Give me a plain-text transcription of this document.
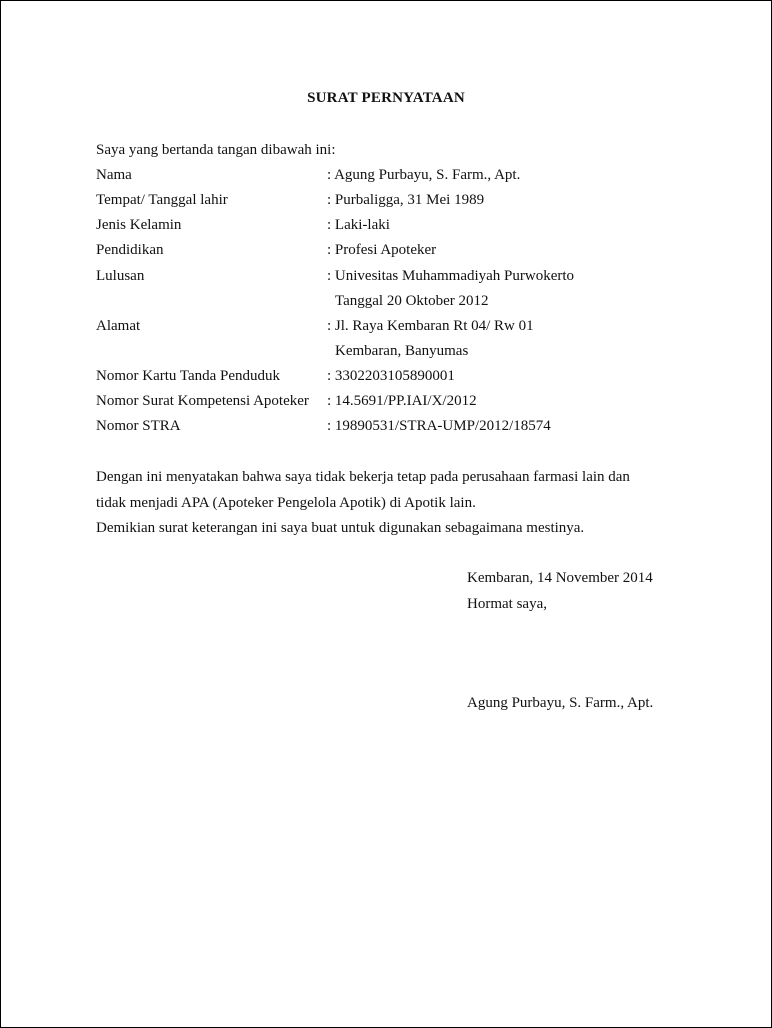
SURAT PERNYATAAN
Saya yang bertanda tangan dibawah ini:
Nama	: Agung Purbayu, S. Farm., Apt.
Tempat/ Tanggal lahir	: Purbaligga, 31 Mei 1989
Jenis Kelamin	: Laki-laki
Pendidikan	: Profesi Apoteker
Lulusan	: Univesitas Muhammadiyah Purwokerto
Tanggal 20 Oktober 2012
Alamat	: Jl. Raya Kembaran Rt 04/ Rw 01
Kembaran, Banyumas
Nomor Kartu Tanda Penduduk	: 3302203105890001
Nomor Surat Kompetensi Apoteker : 14.5691/PP.IAI/X/2012
Nomor STRA	: 19890531/STRA-UMP/2012/18574
Dengan ini menyatakan bahwa saya tidak bekerja tetap pada perusahaan farmasi lain dan
tidak menjadi APA (Apoteker Pengelola Apotik) di Apotik lain.
Demikian surat keterangan ini saya buat untuk digunakan sebagaimana mestinya.
Kembaran, 14 November 2014
Hormat saya,
Agung Purbayu, S. Farm., Apt.
